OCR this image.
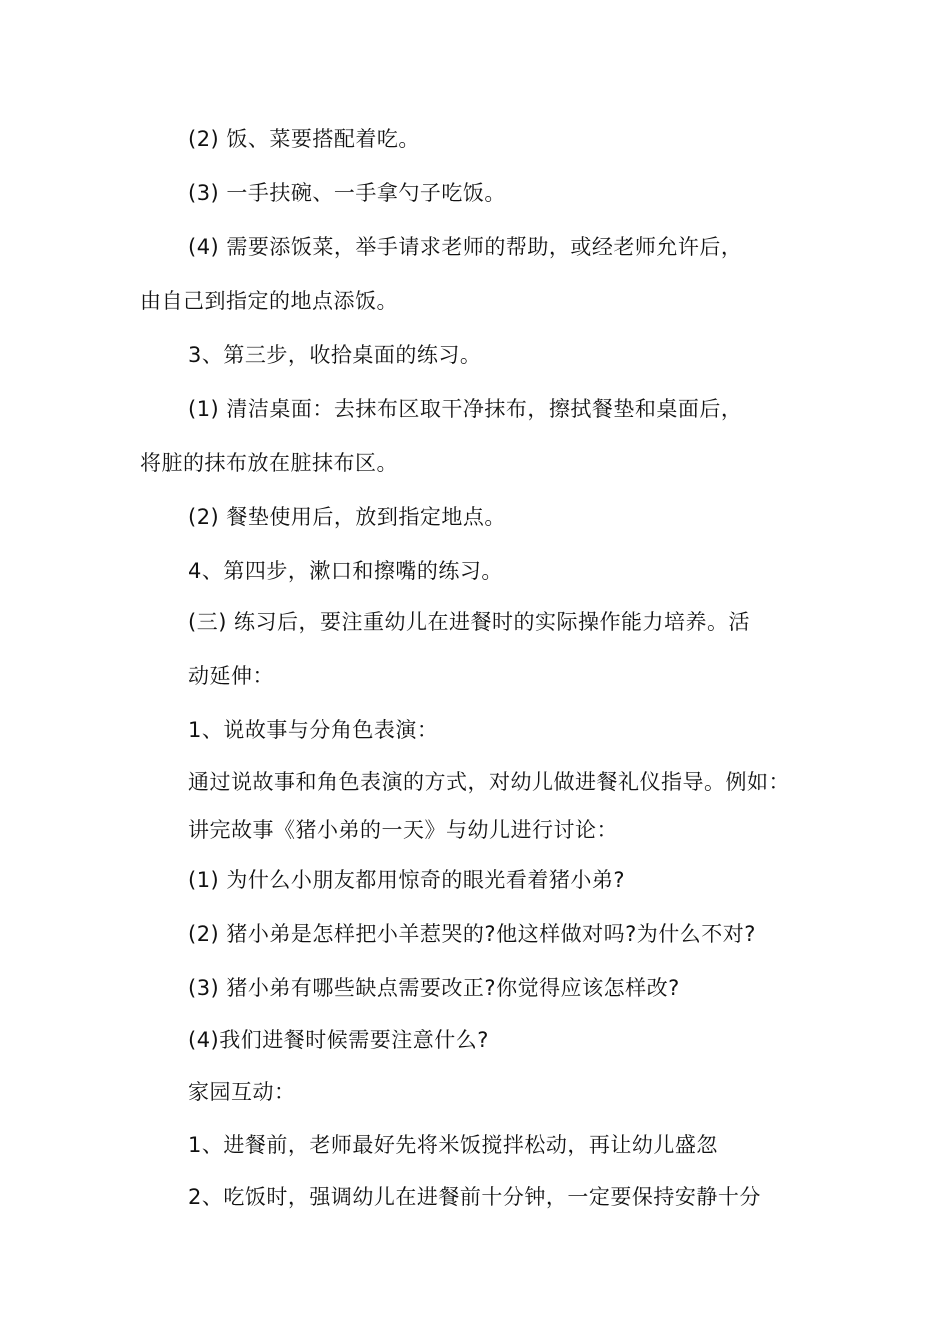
(2) 饭、菜要搭配着吃。
(3) 一手扶碗、一手拿勺子吃饭。
(4) 需要添饭菜，举手请求老师的帮助，或经老师允许后，
由自己到指定的地点添饭。
3、第三步，收拾桌面的练习。
(1) 清洁桌面：去抹布区取干净抹布，擦拭餐垫和桌面后，
将脏的抹布放在脏抹布区。
(2) 餐垫使用后，放到指定地点。
4、第四步，漱口和擦嘴的练习。
(三) 练习后，要注重幼儿在进餐时的实际操作能力培养。活
动延伸：
1、说故事与分角色表演：
通过说故事和角色表演的方式，对幼儿做进餐礼仪指导。例如：
讲完故事《猪小弟的一天》与幼儿进行讨论：
(1) 为什么小朋友都用惊奇的眼光看着猪小弟?
(2) 猪小弟是怎样把小羊惹哭的?他这样做对吗?为什么不对?
(3) 猪小弟有哪些缺点需要改正?你觉得应该怎样改?
(4)我们进餐时候需要注意什么?
家园互动：
1、进餐前，老师最好先将米饭搅拌松动，再让幼儿盛忽
2、吃饭时，强调幼儿在进餐前十分钟，一定要保持安静十分
